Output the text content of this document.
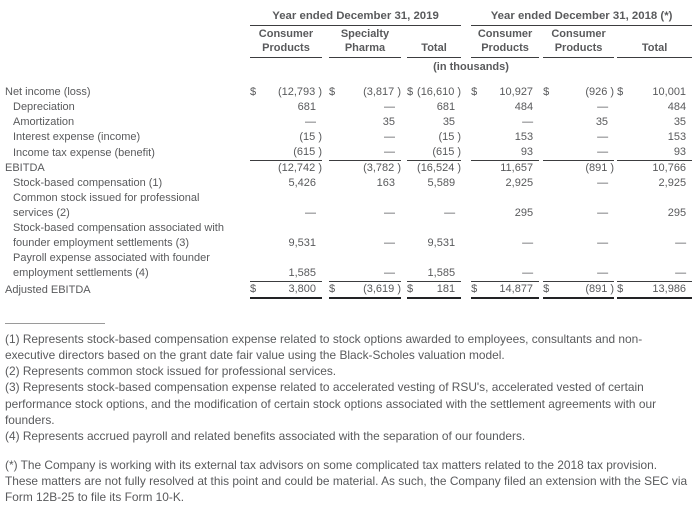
	Year ended December 31, 2019						Year ended December 31, 2018 (*)				
	Consumer Products		Specialty Pharma		Total		Consumer Products		Consumer Products		Total
	(in thousands)										

Net income (loss)	$ (12,793 )		$ (3,817 )		$ (16,610 )		$ 10,927		$ (926 )		$ 10,001

Depreciation	681		—		681		484		—		484

Amortization	—		35		35		—		35		35

Interest expense (income)	(15 )		—		(15 )		153		—		153

Income tax expense (benefit)	(615 )		—		(615 )		93		—		93

EBITDA	(12,742 )		(3,782 )		(16,524 )		11,657		(891 )		10,766

Stock-based compensation (1)	5,426		163		5,589		2,925		—		2,925

Common stock issued for professional services (2)	—		—		—		295		—		295

Stock-based compensation associated with founder employment settlements (3)	9,531		—		9,531		—		—		—

Payroll expense associated with founder employment settlements (4)	1,585		—		1,585		—		—		—

Adjusted EBITDA	$ 3,800		$ (3,619 )		$ 181		$ 14,877		$ (891 )		$ 13,986

(1) Represents stock-based compensation expense related to stock options awarded to employees, consultants and non-executive directors based on the grant date fair value using the Black-Scholes valuation model.

(2) Represents common stock issued for professional services.

(3) Represents stock-based compensation expense related to accelerated vesting of RSU's, accelerated vested of certain performance stock options, and the modification of certain stock options associated with the settlement agreements with our founders.

(4) Represents accrued payroll and related benefits associated with the separation of our founders.

(*) The Company is working with its external tax advisors on some complicated tax matters related to the 2018 tax provision. These matters are not fully resolved at this point and could be material. As such, the Company filed an extension with the SEC via Form 12B-25 to file its Form 10-K.
